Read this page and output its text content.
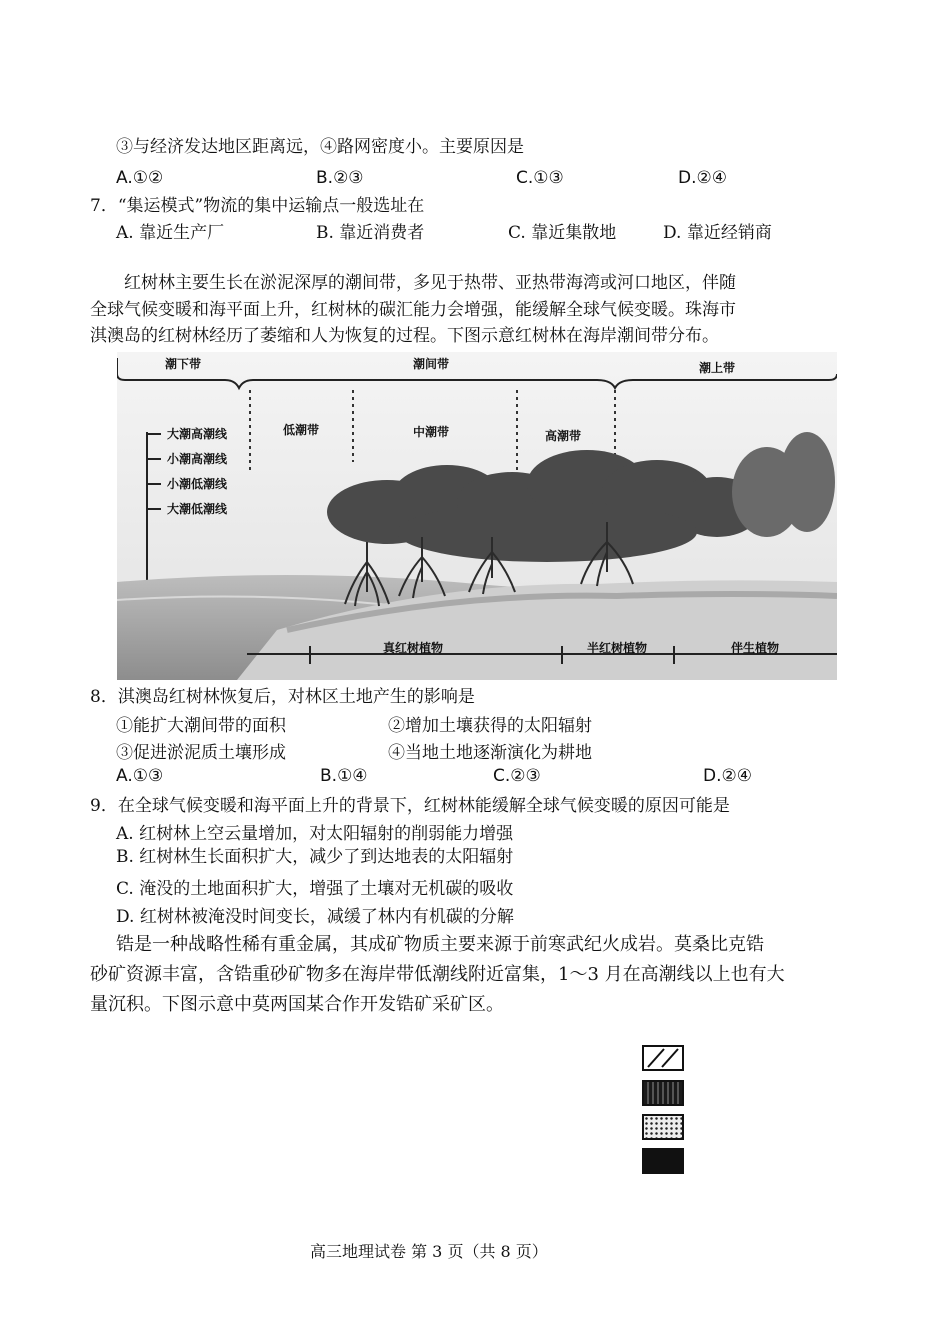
③与经济发达地区距离远，④路网密度小。主要原因是
A.①②	B.②③	C.①③	D.②④
7．“集运模式”物流的集中运输点一般选址在
A. 靠近生产厂	B. 靠近消费者	C. 靠近集散地	D. 靠近经销商
红树林主要生长在淤泥深厚的潮间带，多见于热带、亚热带海湾或河口地区，伴随
全球气候变暖和海平面上升，红树林的碳汇能力会增强，能缓解全球气候变暖。珠海市
淇澳岛的红树林经历了萎缩和人为恢复的过程。下图示意红树林在海岸潮间带分布。
潮下带	潮间带	潮上带
低潮带	中潮带	高潮带
大潮高潮线
小潮高潮线
小潮低潮线
大潮低潮线
真红树植物	半红树植物	伴生植物
8．淇澳岛红树林恢复后，对林区土地产生的影响是
①能扩大潮间带的面积	②增加土壤获得的太阳辐射
③促进淤泥质土壤形成	④当地土地逐渐演化为耕地
A.①③	B.①④	C.②③	D.②④
9．在全球气候变暖和海平面上升的背景下，红树林能缓解全球气候变暖的原因可能是
A. 红树林上空云量增加，对太阳辐射的削弱能力增强
B. 红树林生长面积扩大，减少了到达地表的太阳辐射
C. 淹没的土地面积扩大，增强了土壤对无机碳的吸收
D. 红树林被淹没时间变长，减缓了林内有机碳的分解
锆是一种战略性稀有重金属，其成矿物质主要来源于前寒武纪火成岩。莫桑比克锆
砂矿资源丰富，含锆重砂矿物多在海岸带低潮线附近富集，1～3 月在高潮线以上也有大
量沉积。下图示意中莫两国某合作开发锆矿采矿区。
高三地理试卷 第 3 页（共 8 页）
